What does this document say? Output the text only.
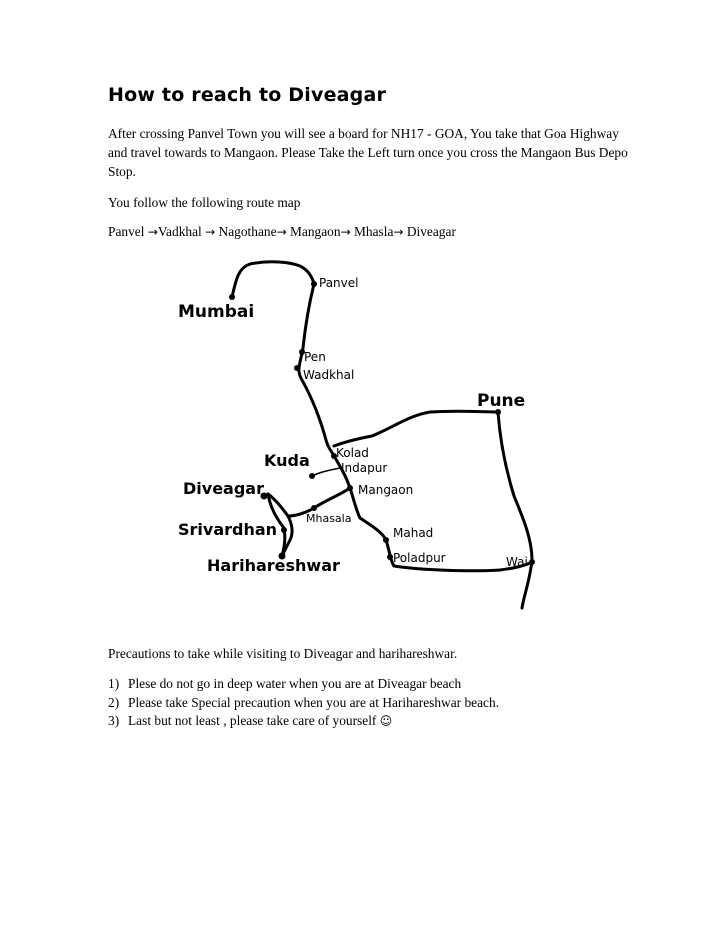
How to reach to Diveagar
After crossing Panvel Town you will see a board for NH17 - GOA, You take that Goa Highway and travel towards to Mangaon. Please Take the Left turn once you cross the Mangaon Bus Depo Stop.
You follow the following route map
Panvel →Vadkhal → Nagothane→ Mangaon→ Mhasla→ Diveagar
Mumbai
Panvel
Pen
Wadkhal
Pune
Kuda Kolad
Indapur
Diveagar	Mangaon
Mhasala
Srivardhan	Mahad
Poladpur	Wai
Harihareshwar
Precautions to take while visiting to Diveagar and harihareshwar.
1) Plese do not go in deep water when you are at Diveagar beach
2) Please take Special precaution when you are at Harihareshwar beach.
3) Last but not least , please take care of yourself ☺
